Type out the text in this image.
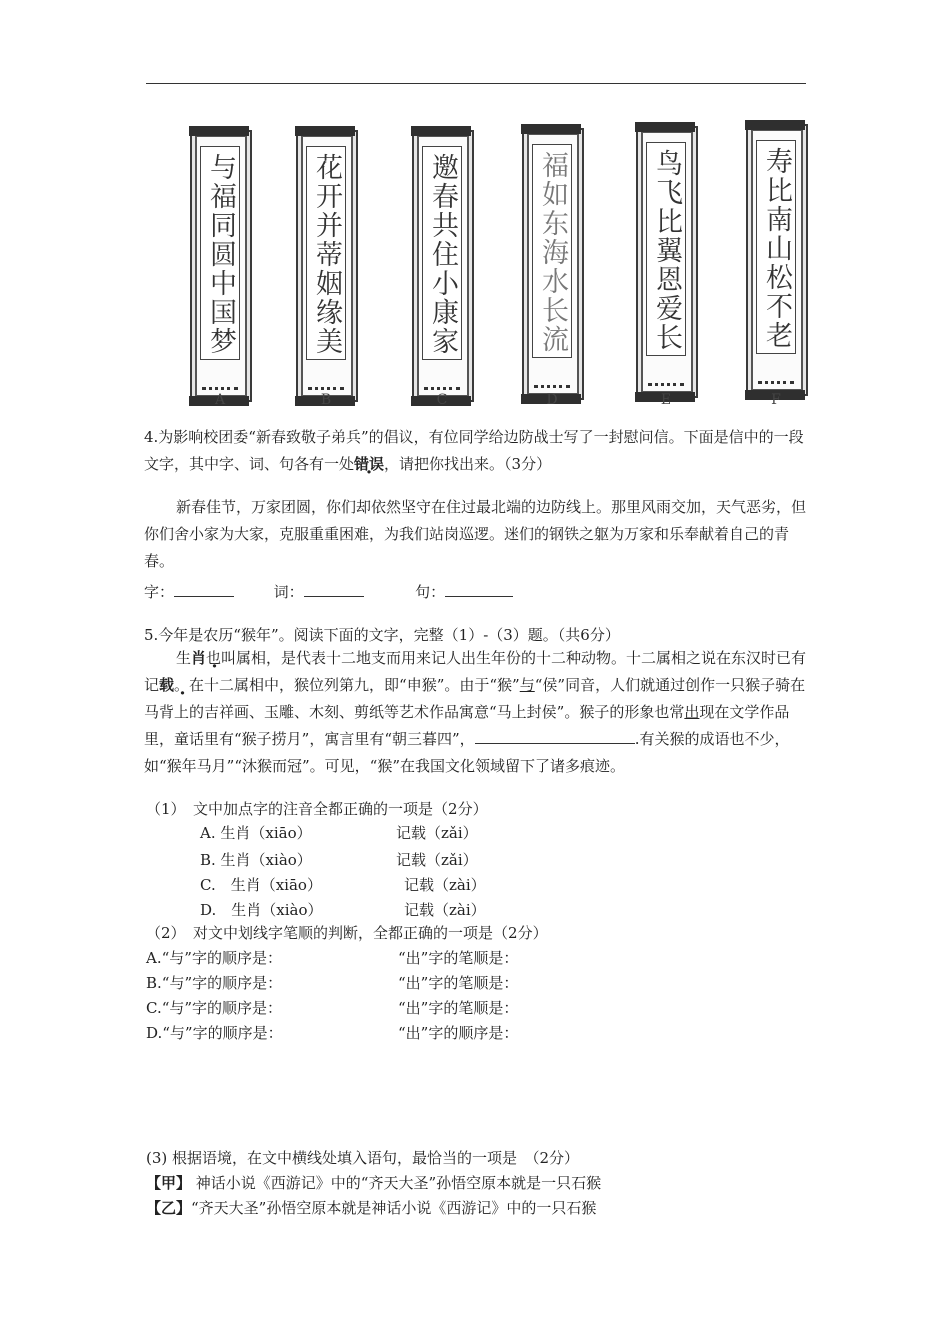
与福同圆中国梦
A
花开并蒂姻缘美
B
邀春共住小康家
C
福如东海水长流
D
鸟飞比翼恩爱长
E
寿比南山松不老
F

4.为影响校团委“新春致敬子弟兵”的倡议，有位同学给边防战士写了一封慰问信。下面是信中的一段文字，其中字、词、句各有一处错误，请把你找出来。（3分）

新春佳节，万家团圆，你们却依然坚守在住过最北端的边防线上。那里风雨交加，天气恶劣，但你们舍小家为大家，克服重重困难，为我们站岗巡逻。迷们的钢铁之躯为万家和乐奉献着自己的青春。

字：	词：	句：

5.今年是农历“猴年”。阅读下面的文字，完整（1）-（3）题。（共6分）

生肖也叫属相，是代表十二地支而用来记人出生年份的十二种动物。十二属相之说在东汉时已有记载。在十二属相中，猴位列第九，即“申猴”。由于“猴”与“侯”同音，人们就通过创作一只猴子骑在马背上的吉祥画、玉雕、木刻、剪纸等艺术作品寓意“马上封侯”。猴子的形象也常出现在文学作品里，童话里有“猴子捞月”，寓言里有“朝三暮四”，	.有关猴的成语也不少，如“猴年马月”“沐猴而冠”。可见，“猴”在我国文化领域留下了诸多痕迹。

（1）　文中加点字的注音全都正确的一项是（2分）
A. 生肖（xiāo）	记载（zǎi）
B. 生肖（xiào）	记载（zǎi）
C.　生肖（xiāo）	记载（zài）
D.　生肖（xiào）	记载（zài）
（2）　对文中划线字笔顺的判断，全都正确的一项是（2分）
A.“与”字的顺序是：	“出”字的笔顺是：
B.“与”字的顺序是：	“出”字的笔顺是：
C.“与”字的顺序是：	“出”字的笔顺是：
D.“与”字的顺序是：	“出”字的顺序是：
(3) 根据语境，在文中横线处填入语句，最恰当的一项是　（2分）
【甲】 神话小说《西游记》中的“齐天大圣”孙悟空原本就是一只石猴
【乙】“齐天大圣”孙悟空原本就是神话小说《西游记》中的一只石猴
